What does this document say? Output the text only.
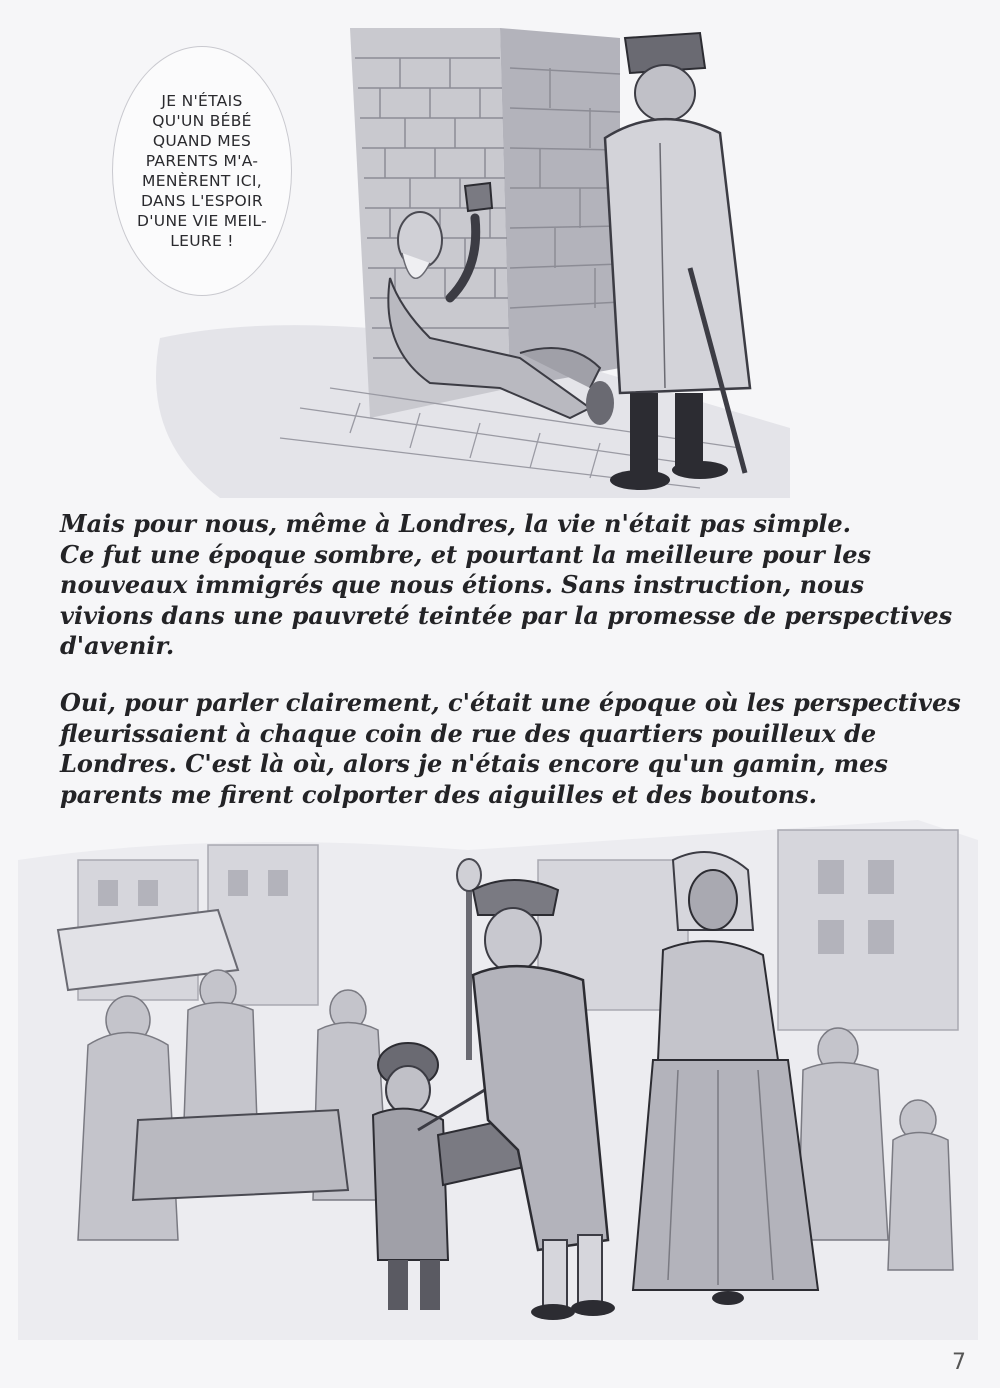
JE N'ÉTAIS
QU'UN BÉBÉ
QUAND MES
PARENTS M'A-
MENÈRENT ICI,
DANS L'ESPOIR
D'UNE VIE MEIL-
LEURE !
Mais pour nous, même à Londres, la vie n'était pas simple.
Ce fut une époque sombre, et pourtant la meilleure pour les
nouveaux immigrés que nous étions. Sans instruction, nous
vivions dans une pauvreté teintée par la promesse de perspectives
d'avenir.
Oui, pour parler clairement, c'était une époque où les perspectives
fleurissaient à chaque coin de rue des quartiers pouilleux de
Londres. C'est là où, alors je n'étais encore qu'un gamin, mes
parents me firent colporter des aiguilles et des boutons.
7
